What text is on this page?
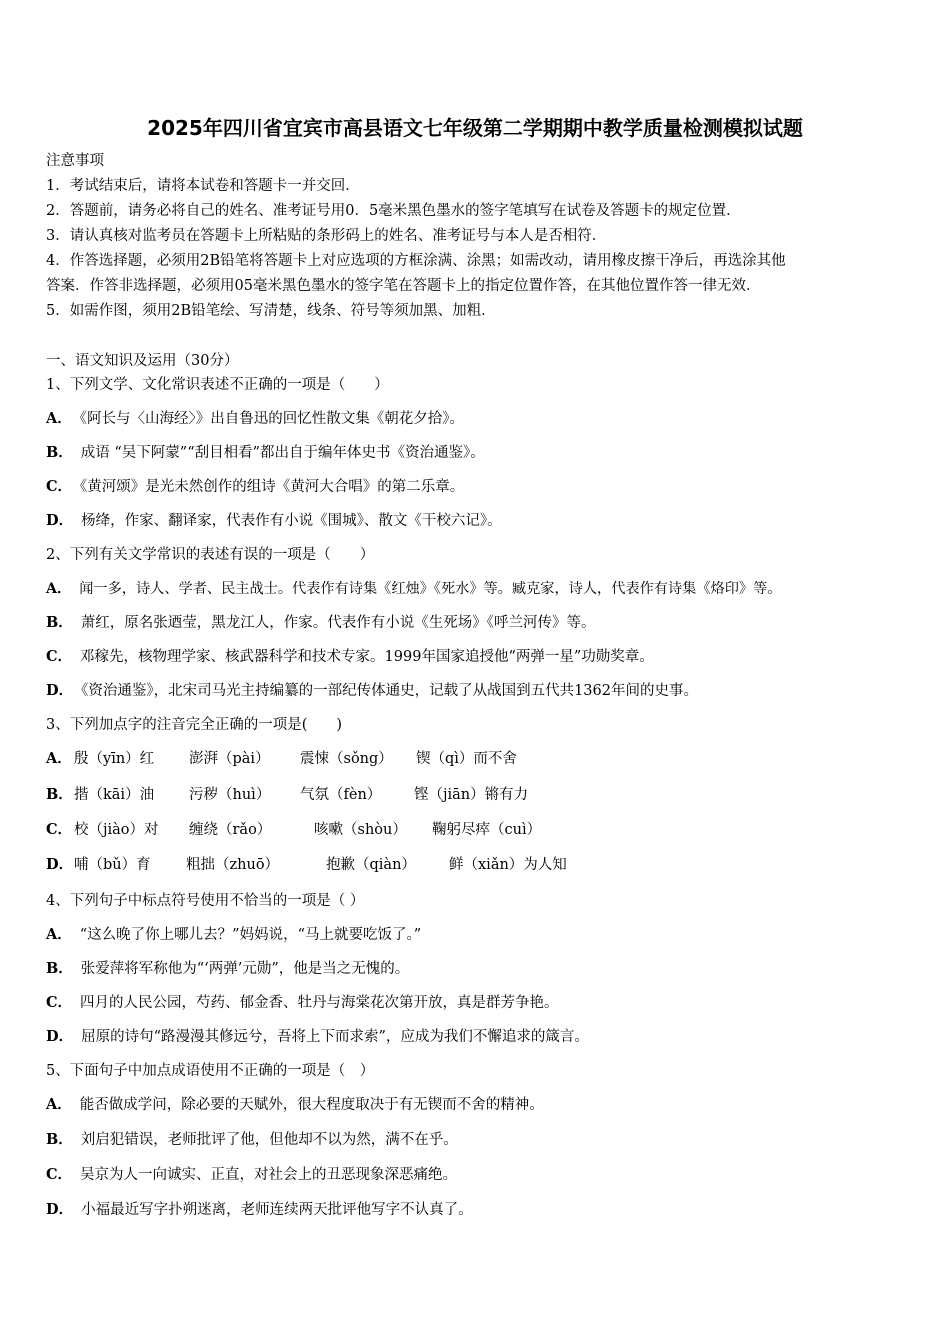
2025年四川省宜宾市高县语文七年级第二学期期中教学质量检测模拟试题
注意事项
1．考试结束后，请将本试卷和答题卡一并交回．
2．答题前，请务必将自己的姓名、准考证号用0．5毫米黑色墨水的签字笔填写在试卷及答题卡的规定位置．
3．请认真核对监考员在答题卡上所粘贴的条形码上的姓名、准考证号与本人是否相符．
4．作答选择题，必须用2B铅笔将答题卡上对应选项的方框涂满、涂黑；如需改动，请用橡皮擦干净后，再选涂其他
答案．作答非选择题，必须用05毫米黑色墨水的签字笔在答题卡上的指定位置作答，在其他位置作答一律无效．
5．如需作图，须用2B铅笔绘、写清楚，线条、符号等须加黑、加粗．
一、语文知识及运用（30分）
1、下列文学、文化常识表述不正确的一项是（　　）
A． 《阿长与〈山海经〉》出自鲁迅的回忆性散文集《朝花夕拾》。
B． 成语 “吴下阿蒙”“刮目相看”都出自于编年体史书《资治通鉴》。
C． 《黄河颂》是光未然创作的组诗《黄河大合唱》的第二乐章。
D． 杨绛，作家、翻译家，代表作有小说《围城》、散文《干校六记》。
2、下列有关文学常识的表述有误的一项是（　　）
A． 闻一多，诗人、学者、民主战士。代表作有诗集《红烛》《死水》等。臧克家，诗人，代表作有诗集《烙印》等。
B． 萧红，原名张迺莹，黑龙江人，作家。代表作有小说《生死场》《呼兰河传》等。
C． 邓稼先，核物理学家、核武器科学和技术专家。1999年国家追授他“两弹一星”功勋奖章。
D． 《资治通鉴》，北宋司马光主持编纂的一部纪传体通史，记载了从战国到五代共1362年间的史事。
3、下列加点字的注音完全正确的一项是(　　)
A． 殷（yīn）红 澎湃（pài） 震悚（sǒng） 锲（qì）而不舍
B． 揩（kāi）油 污秽（huì） 气氛（fèn） 铿（jiān）锵有力
C． 校（jiào）对 缠绕（rǎo）	咳嗽（shòu） 鞠躬尽瘁（cuì）
D． 哺（bǔ）育 粗拙（zhuō）	抱歉（qiàn） 鲜（xiǎn）为人知
4、下列句子中标点符号使用不恰当的一项是（ ）
A． “这么晚了你上哪儿去？”妈妈说，“马上就要吃饭了。”
B． 张爱萍将军称他为“‘两弹’元勋”，他是当之无愧的。
C． 四月的人民公园，芍药、郁金香、牡丹与海棠花次第开放，真是群芳争艳。
D． 屈原的诗句“路漫漫其修远兮，吾将上下而求索”，应成为我们不懈追求的箴言。
5、下面句子中加点成语使用不正确的一项是（　）
A． 能否做成学问，除必要的天赋外，很大程度取决于有无锲而不舍的精神。
B． 刘启犯错误，老师批评了他，但他却不以为然，满不在乎。
C． 吴京为人一向诚实、正直，对社会上的丑恶现象深恶痛绝。
D． 小福最近写字扑朔迷离，老师连续两天批评他写字不认真了。
